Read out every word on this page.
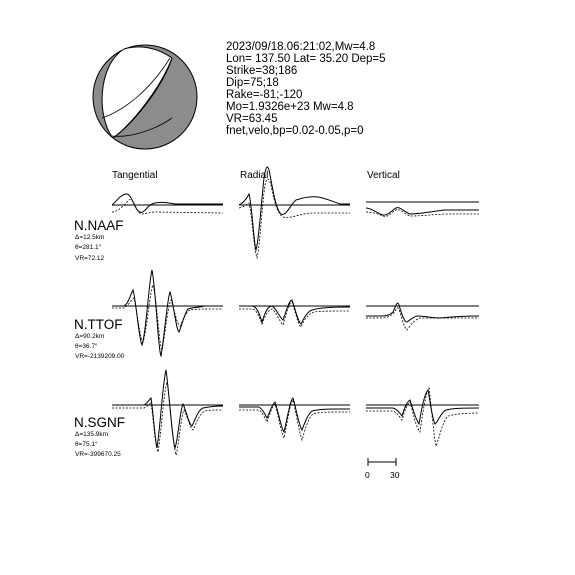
2023/09/18.06:21:02,Mw=4.8
Lon= 137.50 Lat= 35.20 Dep=5
Strike=38;186
Dip=75;18
Rake=-81;-120
Mo=1.9326e+23 Mw=4.8
VR=63.45
fnet,velo,bp=0.02-0.05,p=0
Tangential	Radial	Vertical
N.NAAF
Δ=12.5km
θ=281.1°
VR=72.12
N.TTOF
Δ=90.2km
θ=36.7°
VR=-2139209.00
N.SGNF
Δ=135.9km
θ=75.1°
VR=-399670.25
0 30
